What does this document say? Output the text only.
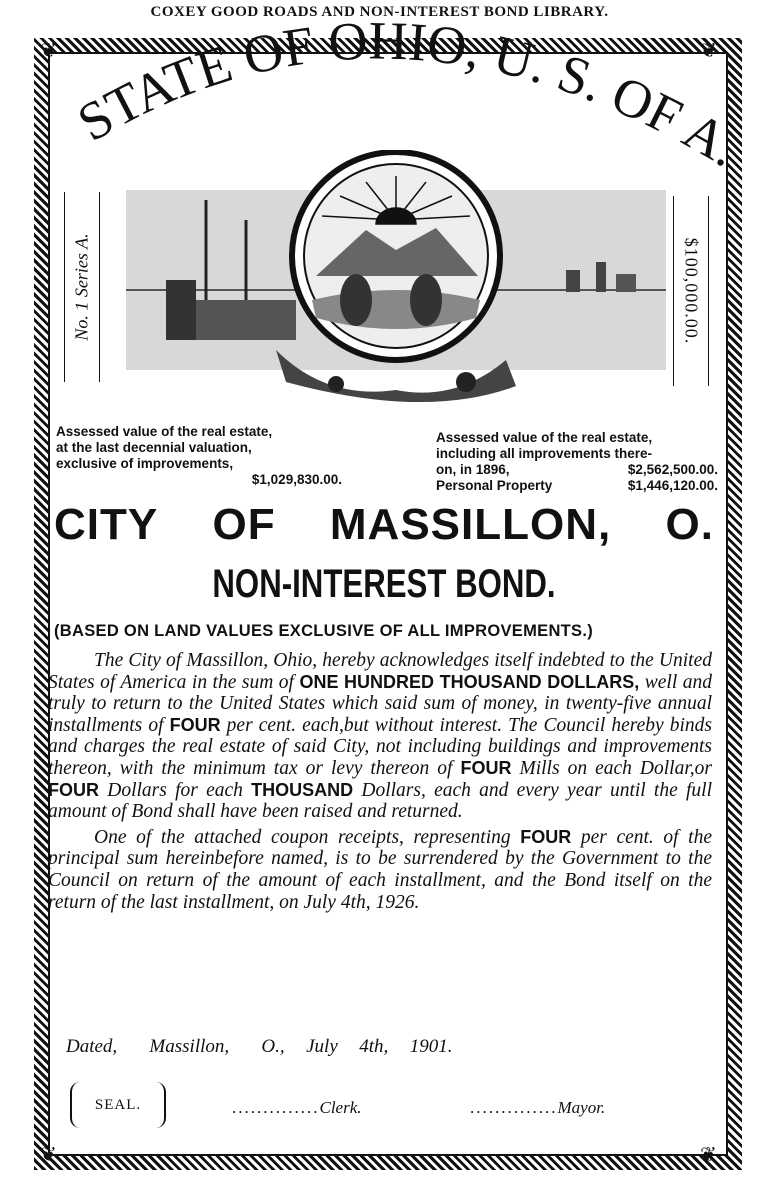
COXEY GOOD ROADS AND NON-INTEREST BOND LIBRARY.
❦	❦
❦	❦
STATE OF OHIO, U. S. OF A.
No. 1 Series A.	$100,000.00.
Assessed value of the real estate,
at the last decennial valuation,
exclusive of improvements,
$1,029,830.00.
Assessed value of the real estate,
including all improvements there-
on, in 1896,	$2,562,500.00.
Personal Property	$1,446,120.00.
CITY OF MASSILLON, O.
NON-INTEREST BOND.
(BASED ON LAND VALUES EXCLUSIVE OF ALL IMPROVEMENTS.)

The City of Massillon, Ohio, hereby acknowledges itself indebted to the United States of America in the sum of ONE HUNDRED THOUSAND DOLLARS, well and truly to return to the United States which said sum of money, in twenty-five annual installments of FOUR per cent. each,but without interest. The Council hereby binds and charges the real estate of said City, not including buildings and improvements thereon, with the minimum tax or levy thereon of FOUR Mills on each Dollar,or FOUR Dollars for each THOUSAND Dollars, each and every year until the full amount of Bond shall have been raised and returned.

One of the attached coupon receipts, representing FOUR per cent. of the principal sum hereinbefore named, is to be surrendered by the Government to the Council on return of the amount of each installment, and the Bond itself on the return of the last installment, on July 4th, 1926.

Dated,   Massillon,   O.,  July  4th,  1901.
SEAL.	..............Clerk.	..............Mayor.
